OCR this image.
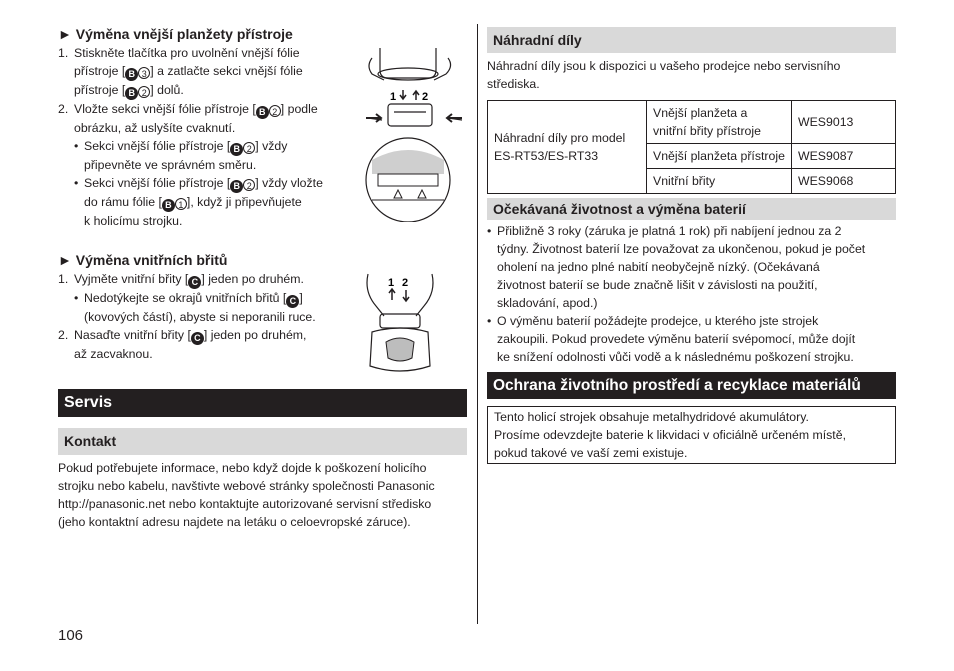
► Výměna vnější planžety přístroje
1. Stiskněte tlačítka pro uvolnění vnější fólie
přístroje [ B 3 ] a zatlačte sekci vnější fólie
přístroje [ B 2 ] dolů.
2. Vložte sekci vnější fólie přístroje [ B 2 ] podle
obrázku, až uslyšíte cvaknutí.
• Sekci vnější fólie přístroje [ B 2 ] vždy
připevněte ve správném směru.
• Sekci vnější fólie přístroje [ B 2 ] vždy vložte
do rámu fólie [ B 1 ], když ji připevňujete
k holicímu strojku.
1 2
► Výměna vnitřních břitů
1. Vyjměte vnitřní břity [ C ] jeden po druhém.
• Nedotýkejte se okrajů vnitřních břitů [ C ]
(kovových částí), abyste si neporanili ruce.
2. Nasaďte vnitřní břity [ C ] jeden po druhém,
až zacvaknou.
1 2
Servis
Kontakt
Pokud potřebujete informace, nebo když dojde k poškození holicího
strojku nebo kabelu, navštivte webové stránky společnosti Panasonic
http://panasonic.net nebo kontaktujte autorizované servisní středisko
(jeho kontaktní adresu najdete na letáku o celoevropské záruce).
106
Náhradní díly
Náhradní díly jsou k dispozici u vašeho prodejce nebo servisního
střediska.
Náhradní díly pro model
ES-RT53/ES-RT33	Vnější planžeta a
vnitřní břity přístroje	WES9013
	Vnější planžeta přístroje	WES9087
	Vnitřní břity	WES9068
Očekávaná životnost a výměna baterií
• Přibližně 3 roky (záruka je platná 1 rok) při nabíjení jednou za 2
týdny. Životnost baterií lze považovat za ukončenou, pokud je počet
oholení na jedno plné nabití neobyčejně nízký. (Očekávaná
životnost baterií se bude značně lišit v závislosti na použití,
skladování, apod.)
• O výměnu baterií požádejte prodejce, u kterého jste strojek
zakoupili. Pokud provedete výměnu baterií svépomocí, může dojít
ke snížení odolnosti vůči vodě a k následnému poškození strojku.
Ochrana životního prostředí a recyklace materiálů
Tento holicí strojek obsahuje metalhydridové akumulátory.
Prosíme odevzdejte baterie k likvidaci v oficiálně určeném místě,
pokud takové ve vaší zemi existuje.
